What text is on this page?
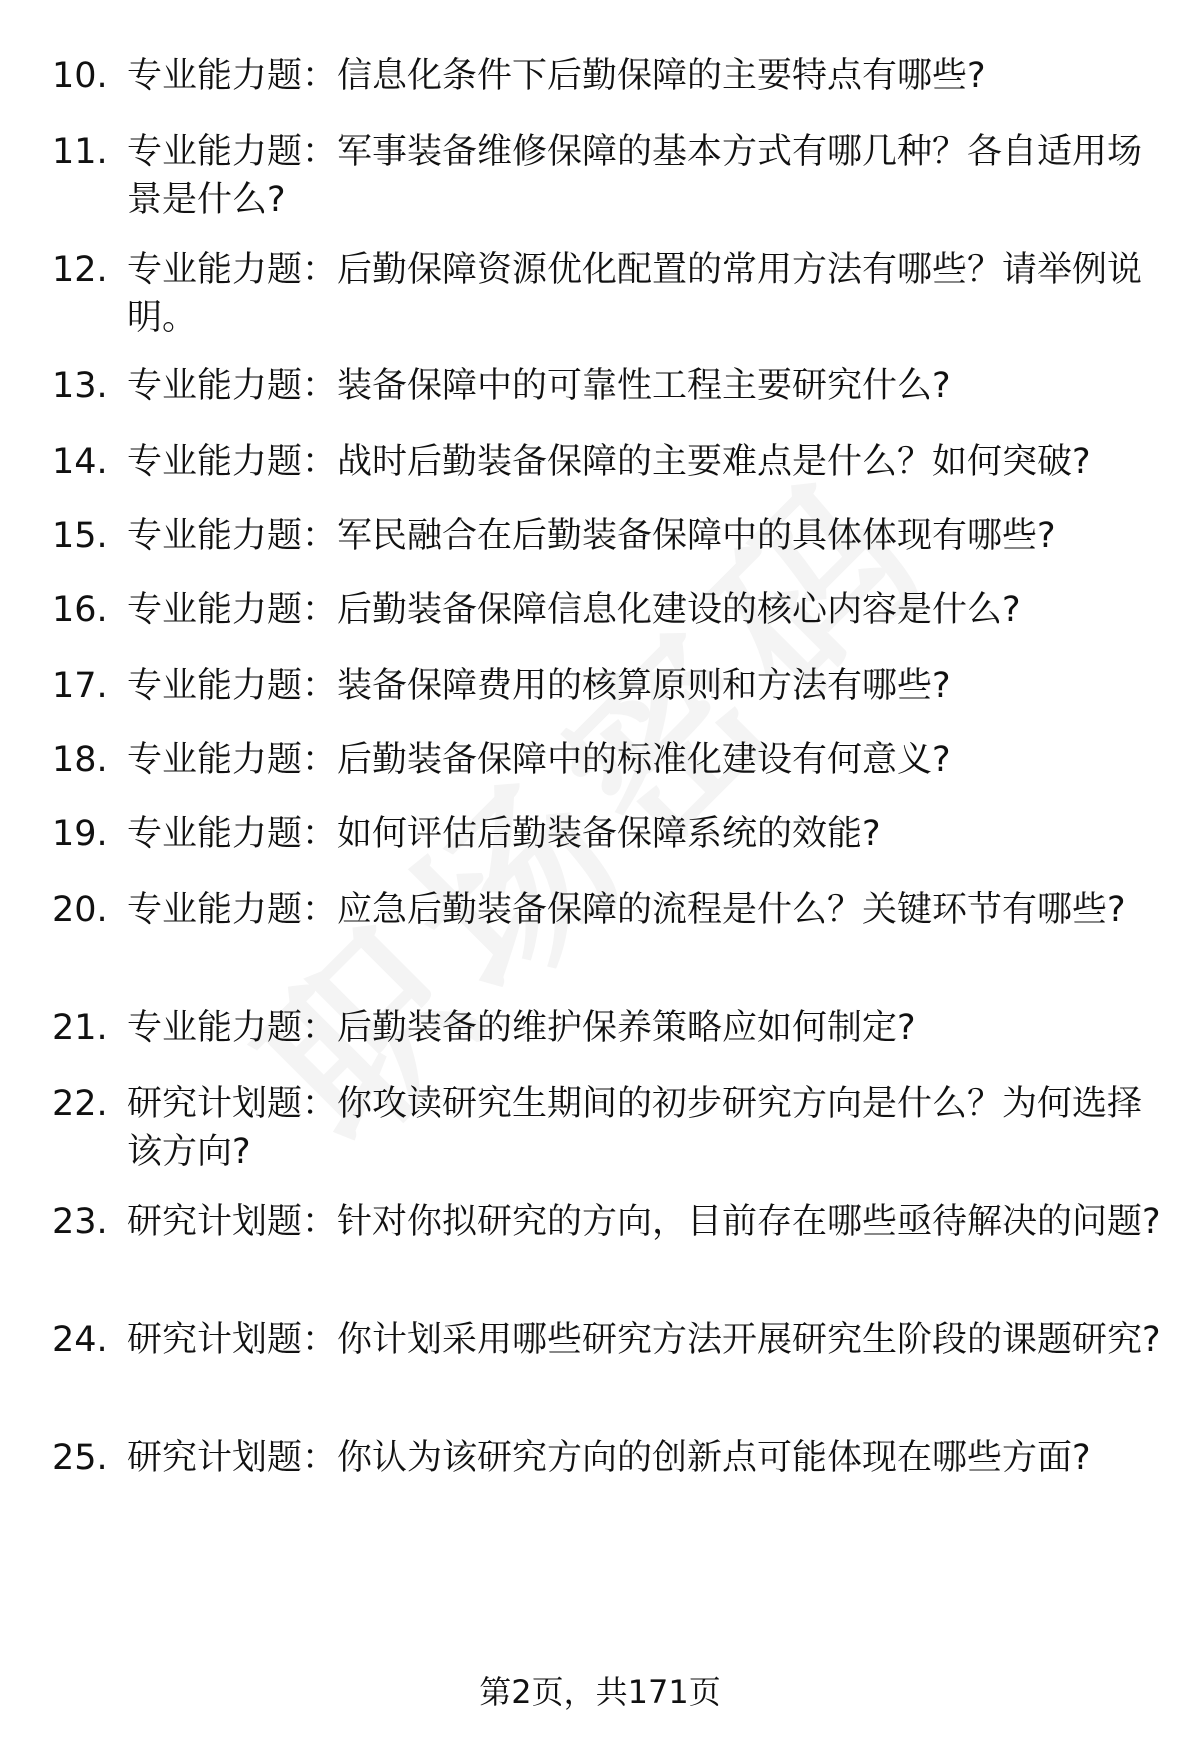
10. 专业能力题：信息化条件下后勤保障的主要特点有哪些?
11. 专业能力题：军事装备维修保障的基本方式有哪几种？各自适用场景是什么?
12. 专业能力题：后勤保障资源优化配置的常用方法有哪些？请举例说明。
13. 专业能力题：装备保障中的可靠性工程主要研究什么?
14. 专业能力题：战时后勤装备保障的主要难点是什么？如何突破?
15. 专业能力题：军民融合在后勤装备保障中的具体体现有哪些?
16. 专业能力题：后勤装备保障信息化建设的核心内容是什么?
17. 专业能力题：装备保障费用的核算原则和方法有哪些?
18. 专业能力题：后勤装备保障中的标准化建设有何意义?
19. 专业能力题：如何评估后勤装备保障系统的效能?
20. 专业能力题：应急后勤装备保障的流程是什么？关键环节有哪些?
21. 专业能力题：后勤装备的维护保养策略应如何制定?
22. 研究计划题：你攻读研究生期间的初步研究方向是什么？为何选择该方向?
23. 研究计划题：针对你拟研究的方向，目前存在哪些亟待解决的问题?
24. 研究计划题：你计划采用哪些研究方法开展研究生阶段的课题研究?
25. 研究计划题：你认为该研究方向的创新点可能体现在哪些方面?
第2页，共171页
